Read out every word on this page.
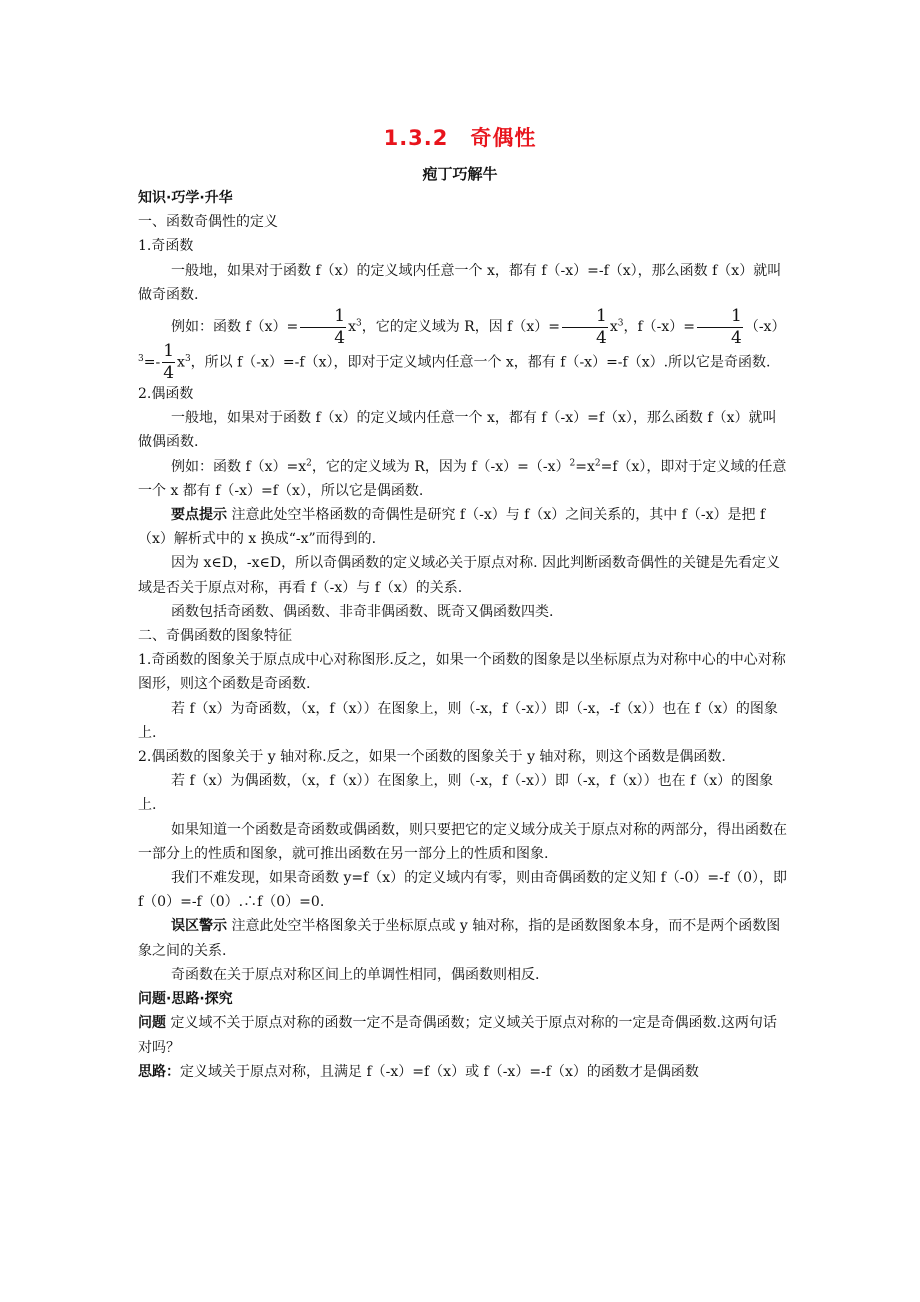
1.3.2　奇偶性
疱丁巧解牛

知识·巧学·升华

一、函数奇偶性的定义

1.奇函数

一般地，如果对于函数 f（x）的定义域内任意一个 x，都有 f（-x）=-f（x），那么函数 f（x）就叫做奇函数.

例如：函数 $f(x)= \frac{1}{4} x^3$，它的定义域为 R，因 $f(x)= \frac{1}{4} x^3$，$f(-x)= \frac{1}{4} (-x)$

$^3=- \frac{1}{4} x^3$，所以 f（-x）=-f（x），即对于定义域内任意一个 x，都有 f（-x）=-f（x）.所以它是奇函数.

2.偶函数

一般地，如果对于函数 f（x）的定义域内任意一个 x，都有 f（-x）=f（x），那么函数 f（x）就叫做偶函数.

例如：函数 $f(x)=x^2$，它的定义域为 R，因为 $f(-x)=(-x)^2=x^2=f(x)$，即对于定义域的任意一个 x 都有 f（-x）=f（x），所以它是偶函数.

要点提示 注意此处空半格函数的奇偶性是研究 f（-x）与 f（x）之间关系的，其中 f（-x）是把 f（x）解析式中的 x 换成“-x”而得到的.

因为 x∈D，-x∈D，所以奇偶函数的定义域必关于原点对称. 因此判断函数奇偶性的关键是先看定义域是否关于原点对称，再看 f（-x）与 f（x）的关系.

函数包括奇函数、偶函数、非奇非偶函数、既奇又偶函数四类.

二、奇偶函数的图象特征

1.奇函数的图象关于原点成中心对称图形.反之，如果一个函数的图象是以坐标原点为对称中心的中心对称图形，则这个函数是奇函数.

若 f（x）为奇函数，（x，f（x））在图象上，则（-x，f（-x））即（-x，-f（x））也在 f（x）的图象上.

2.偶函数的图象关于 y 轴对称.反之，如果一个函数的图象关于 y 轴对称，则这个函数是偶函数.

若 f（x）为偶函数，（x，f（x））在图象上，则（-x，f（-x））即（-x，f（x））也在 f（x）的图象上.

如果知道一个函数是奇函数或偶函数，则只要把它的定义域分成关于原点对称的两部分，得出函数在一部分上的性质和图象，就可推出函数在另一部分上的性质和图象.

我们不难发现，如果奇函数 y=f（x）的定义域内有零，则由奇偶函数的定义知 f（-0）=-f（0），即 f（0）=-f（0）.∴f（0）=0.

误区警示 注意此处空半格图象关于坐标原点或 y 轴对称，指的是函数图象本身，而不是两个函数图象之间的关系.

奇函数在关于原点对称区间上的单调性相同，偶函数则相反.

问题·思路·探究

问题 定义域不关于原点对称的函数一定不是奇偶函数；定义域关于原点对称的一定是奇偶函数.这两句话对吗？

思路：定义域关于原点对称，且满足 f（-x）=f（x）或 f（-x）=-f（x）的函数才是偶函数
